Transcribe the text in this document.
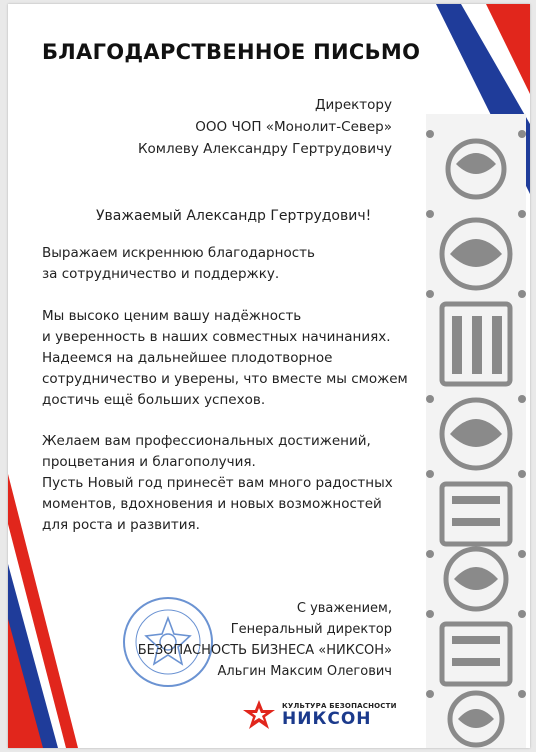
БЛАГОДАРСТВЕННОЕ ПИСЬМО
Директору
ООО ЧОП «Монолит-Север»
Комлеву Александру Гертрудовичу
Уважаемый Александр Гертрудович!
Выражаем искреннюю благодарность
за сотрудничество и поддержку.
Мы высоко ценим вашу надёжность
и уверенность в наших совместных начинаниях.
Надеемся на дальнейшее плодотворное
сотрудничество и уверены, что вместе мы сможем
достичь ещё больших успехов.
Желаем вам профессиональных достижений,
процветания и благополучия.
Пусть Новый год принесёт вам много радостных
моментов, вдохновения и новых возможностей
для роста и развития.
С уважением,
Генеральный директор
БЕЗОПАСНОСТЬ БИЗНЕСА «НИКСОН»
Альгин Максим Олегович
КУЛЬТУРА БЕЗОПАСНОСТИ
НИКСОН
